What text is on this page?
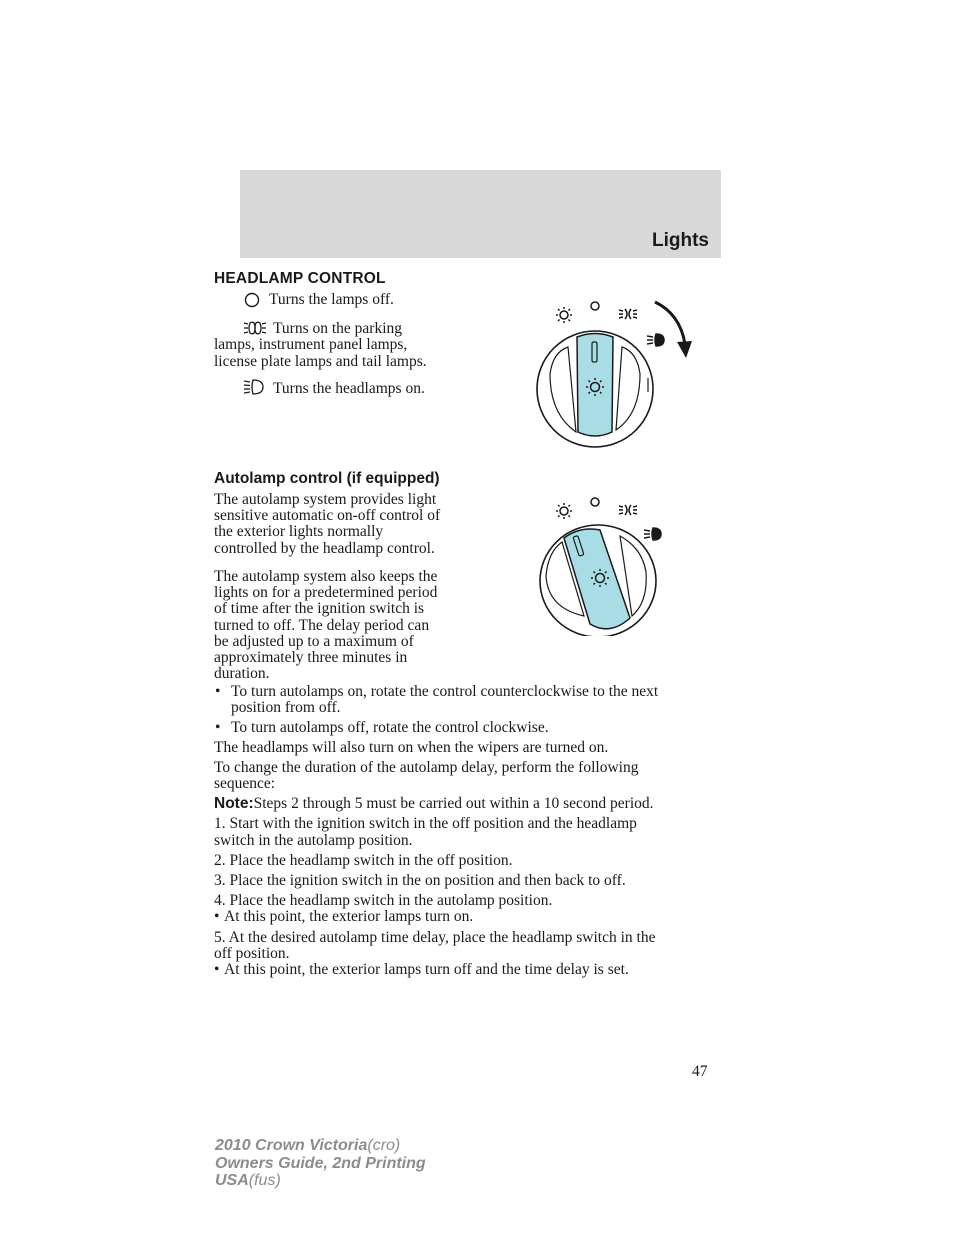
Lights
HEADLAMP CONTROL
Turns the lamps off.
Turns on the parking
lamps, instrument panel lamps,
license plate lamps and tail lamps.
Turns the headlamps on.
Autolamp control (if equipped)
The autolamp system provides light
sensitive automatic on-off control of
the exterior lights normally
controlled by the headlamp control.
The autolamp system also keeps the
lights on for a predetermined period
of time after the ignition switch is
turned to off. The delay period can
be adjusted up to a maximum of
approximately three minutes in
duration.
• To turn autolamps on, rotate the control counterclockwise to the next
position from off.
• To turn autolamps off, rotate the control clockwise.
The headlamps will also turn on when the wipers are turned on.
To change the duration of the autolamp delay, perform the following
sequence:
Note:Steps 2 through 5 must be carried out within a 10 second period.
1. Start with the ignition switch in the off position and the headlamp
switch in the autolamp position.
2. Place the headlamp switch in the off position.
3. Place the ignition switch in the on position and then back to off.
4. Place the headlamp switch in the autolamp position.
• At this point, the exterior lamps turn on.
5. At the desired autolamp time delay, place the headlamp switch in the
off position.
• At this point, the exterior lamps turn off and the time delay is set.
47
2010 Crown Victoria(cro)
Owners Guide, 2nd Printing
USA(fus)
